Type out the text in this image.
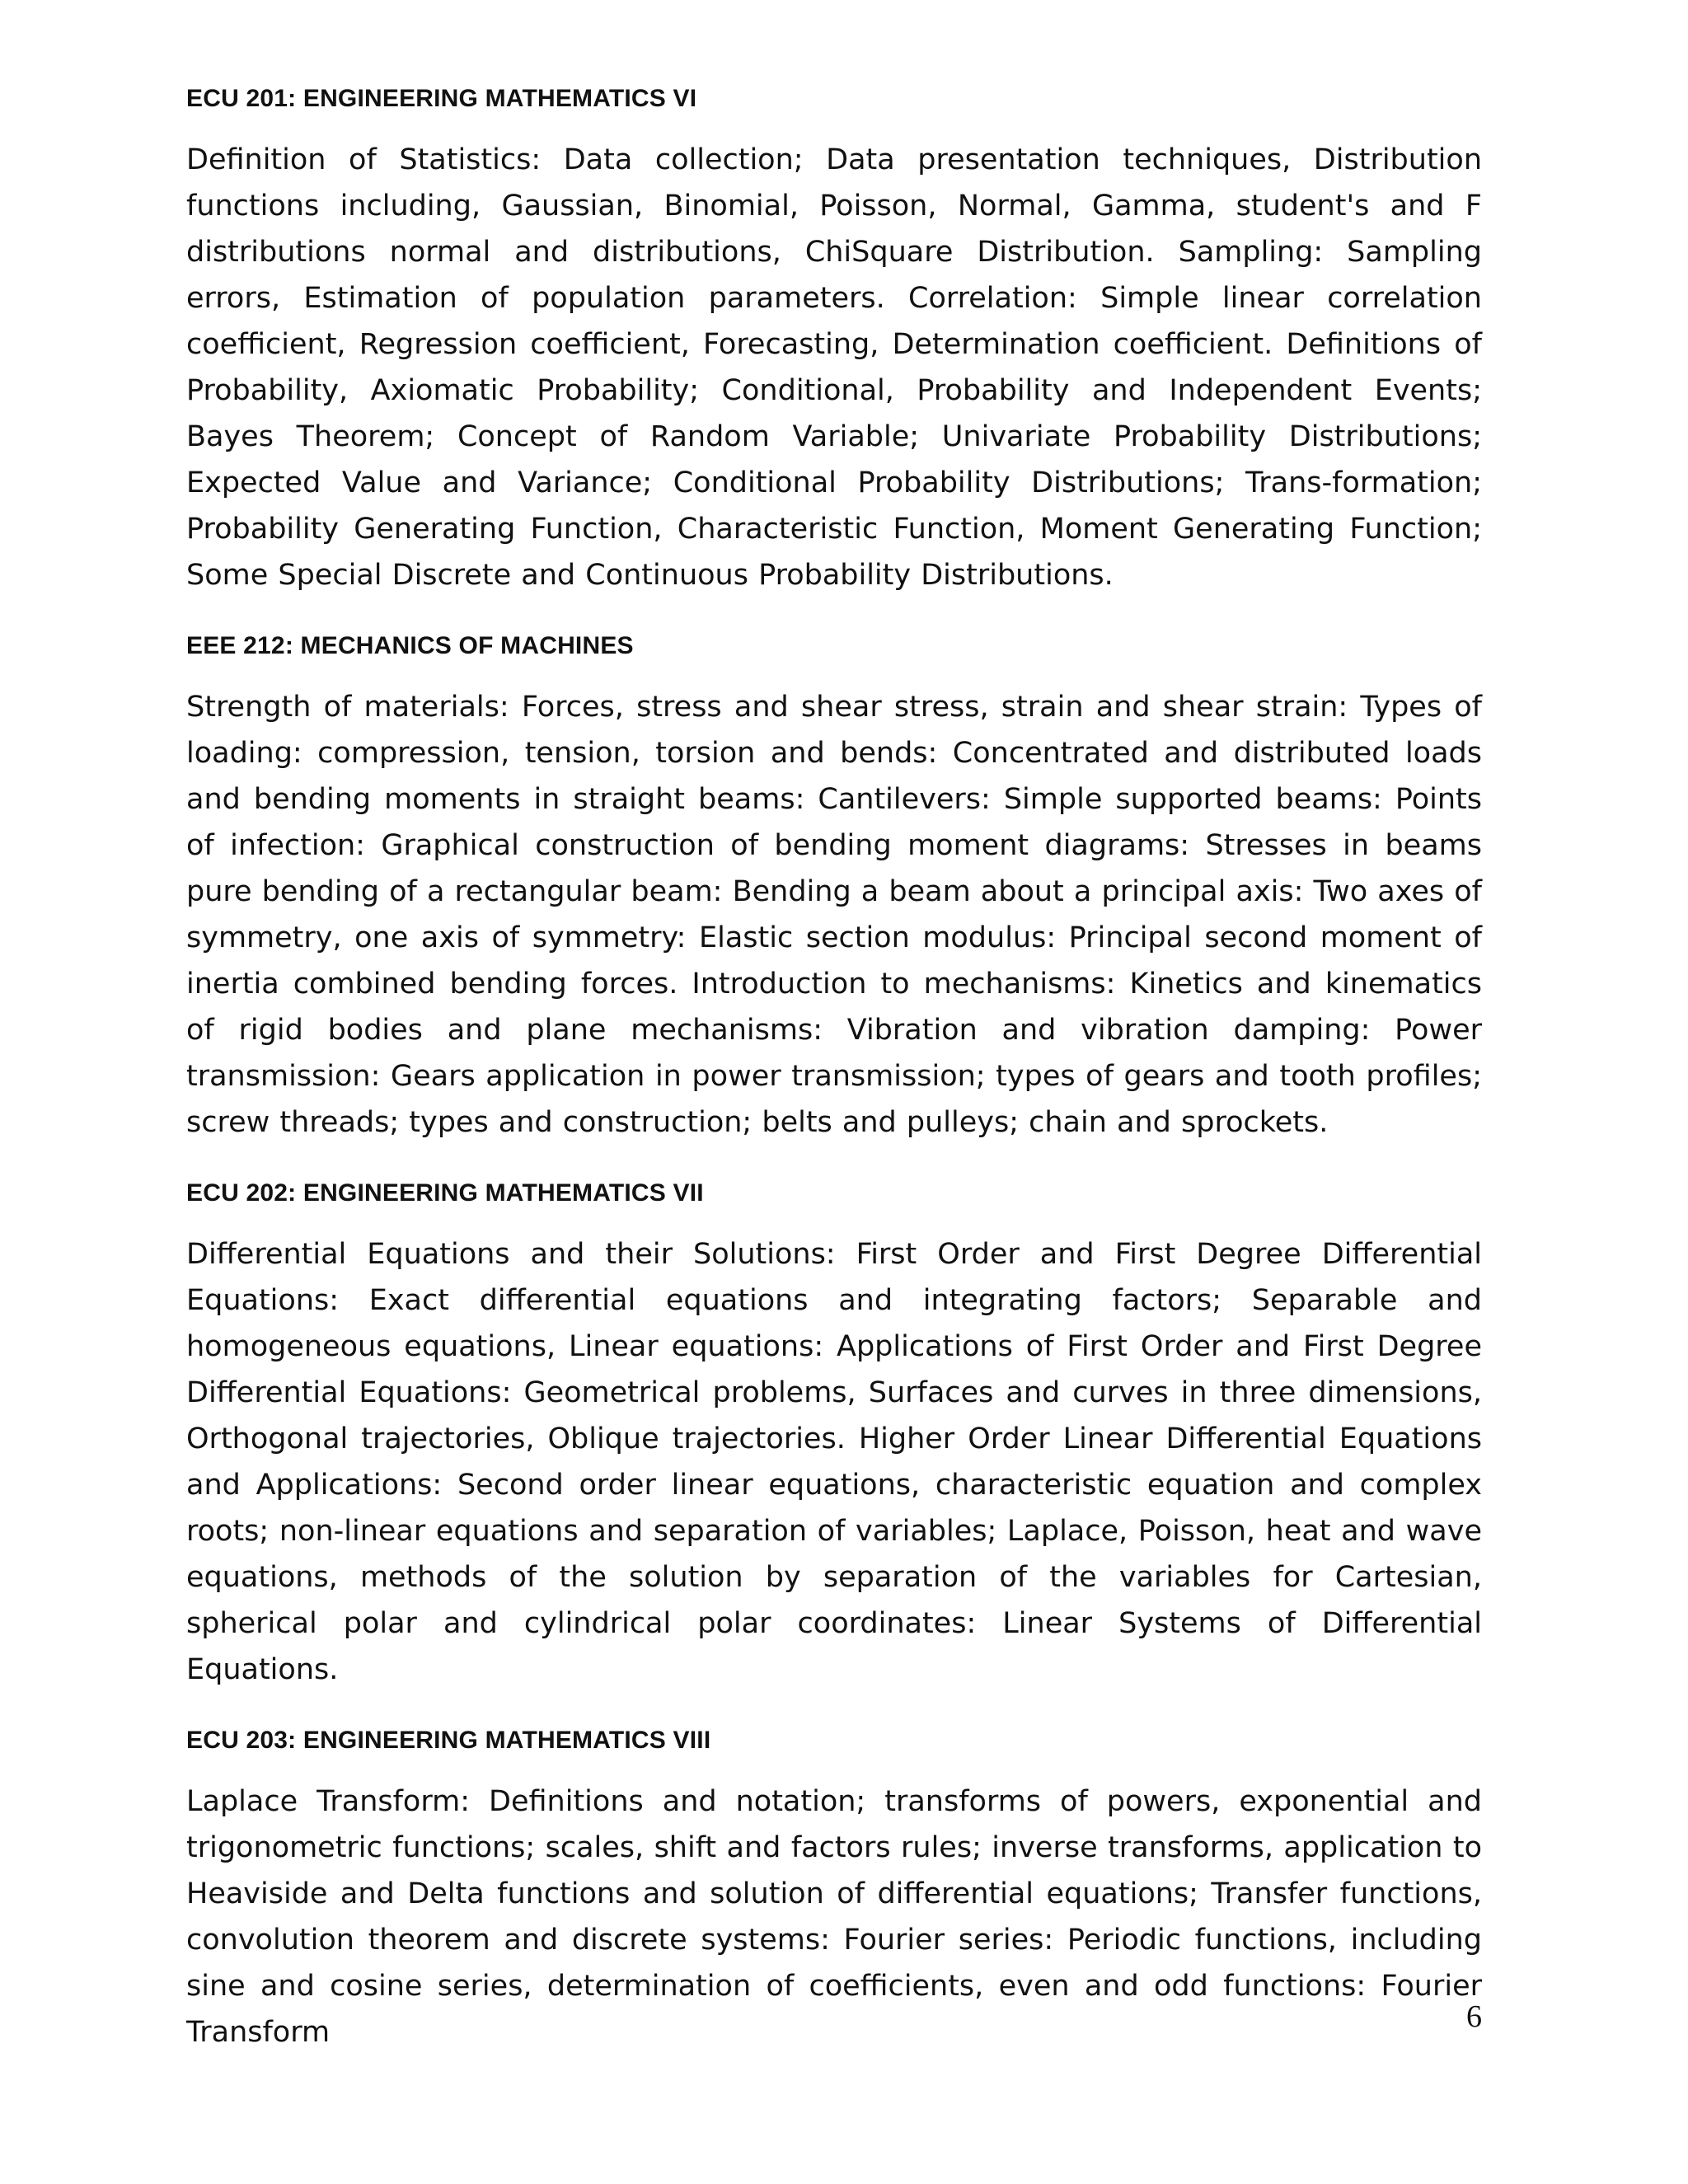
ECU 201: ENGINEERING MATHEMATICS VI

Definition of Statistics: Data collection; Data presentation techniques, Distribution functions including, Gaussian, Binomial, Poisson, Normal, Gamma, student's and F distributions normal and distributions, ChiSquare Distribution. Sampling: Sampling errors, Estimation of population parameters. Correlation: Simple linear correlation coefficient, Regression coefficient, Forecasting, Determination coefficient. Definitions of Probability, Axiomatic Probability; Conditional, Probability and Independent Events; Bayes Theorem; Concept of Random Variable; Univariate Probability Distributions; Expected Value and Variance; Conditional Probability Distributions; Trans-formation; Probability Generating Function, Characteristic Function, Moment Generating Function; Some Special Discrete and Continuous Probability Distributions.

EEE 212: MECHANICS OF MACHINES

Strength of materials: Forces, stress and shear stress, strain and shear strain: Types of loading: compression, tension, torsion and bends: Concentrated and distributed loads and bending moments in straight beams: Cantilevers: Simple supported beams: Points of infection: Graphical construction of bending moment diagrams: Stresses in beams pure bending of a rectangular beam: Bending a beam about a principal axis: Two axes of symmetry, one axis of symmetry: Elastic section modulus: Principal second moment of inertia combined bending forces. Introduction to mechanisms: Kinetics and kinematics of rigid bodies and plane mechanisms: Vibration and vibration damping: Power transmission: Gears application in power transmission; types of gears and tooth profiles; screw threads; types and construction; belts and pulleys; chain and sprockets.

ECU 202: ENGINEERING MATHEMATICS VII

Differential Equations and their Solutions: First Order and First Degree Differential Equations: Exact differential equations and integrating factors; Separable and homogeneous equations, Linear equations: Applications of First Order and First Degree Differential Equations: Geometrical problems, Surfaces and curves in three dimensions, Orthogonal trajectories, Oblique trajectories. Higher Order Linear Differential Equations and Applications: Second order linear equations, characteristic equation and complex roots; non-linear equations and separation of variables; Laplace, Poisson, heat and wave equations, methods of the solution by separation of the variables for Cartesian, spherical polar and cylindrical polar coordinates: Linear Systems of Differential Equations.

ECU 203: ENGINEERING MATHEMATICS VIII

Laplace Transform: Definitions and notation; transforms of powers, exponential and trigonometric functions; scales, shift and factors rules; inverse transforms, application to Heaviside and Delta functions and solution of differential equations; Transfer functions, convolution theorem and discrete systems: Fourier series: Periodic functions, including sine and cosine series, determination of coefficients, even and odd functions: Fourier Transform	6
